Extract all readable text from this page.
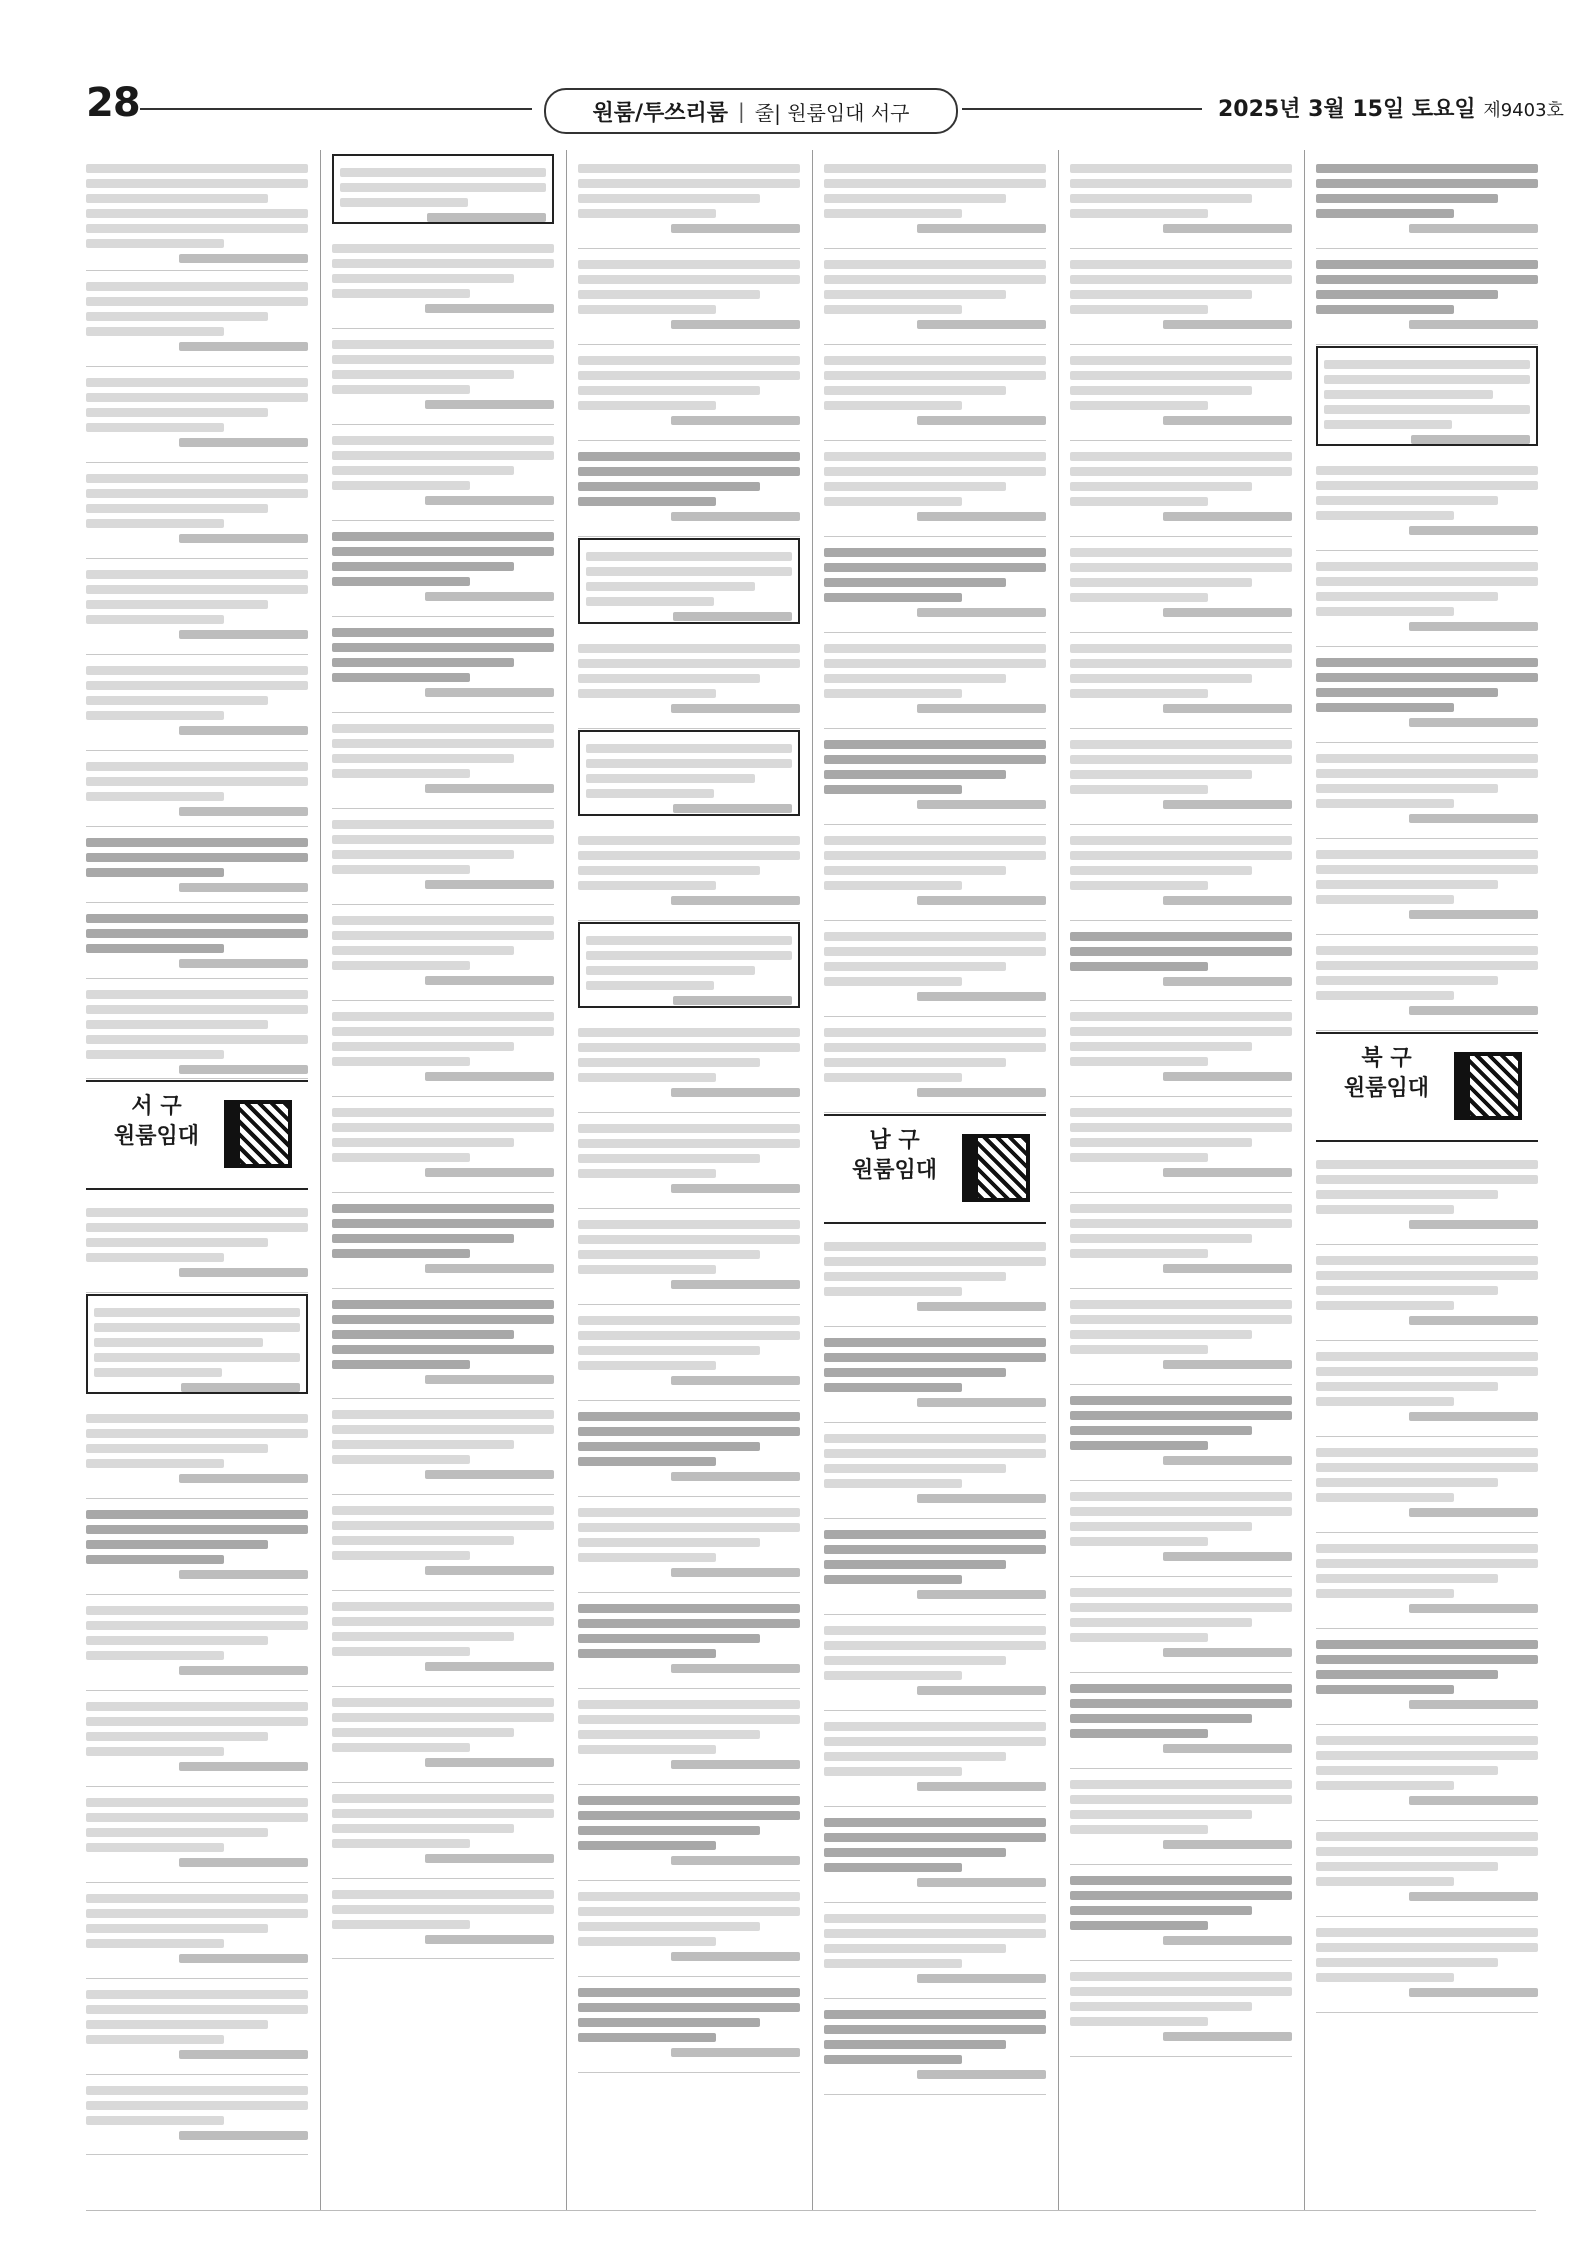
28	원룸/투쓰리룸 | 줄| 원룸임대 서구	2025년 3월 15일 토요일 제9403호
서 구
원룸임대	남 구
원룸임대
북 구
원룸임대
